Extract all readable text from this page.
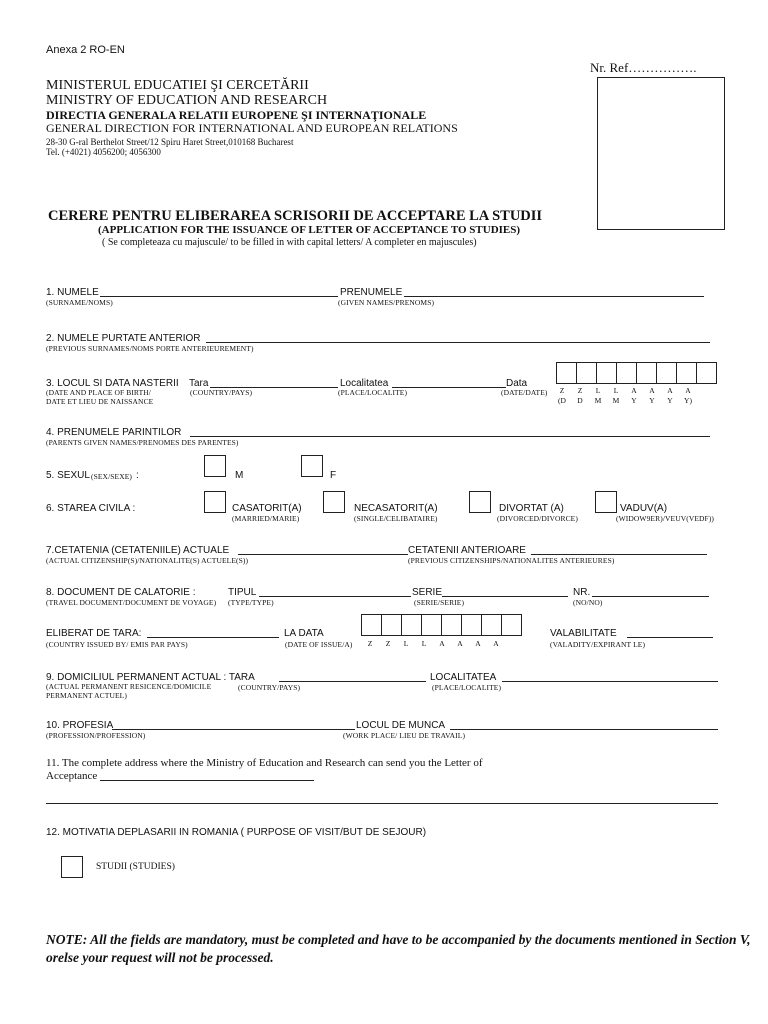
Anexa 2 RO-EN
MINISTERUL EDUCATIEI ŞI CERCETĂRII
MINISTRY OF EDUCATION AND RESEARCH
DIRECTIA GENERALA RELATII EUROPENE ŞI INTERNAŢIONALE
GENERAL DIRECTION FOR INTERNATIONAL AND EUROPEAN RELATIONS
28-30 G-ral Berthelot Street/12 Spiru Haret Street,010168 Bucharest
Tel. (+4021) 4056200; 4056300
Nr. Ref…………….
CERERE PENTRU ELIBERAREA SCRISORII DE ACCEPTARE LA STUDII
(APPLICATION FOR THE ISSUANCE OF LETTER OF ACCEPTANCE TO STUDIES)
( Se completeaza cu majuscule/ to be filled in with capital letters/ A completer en majuscules)
1. NUMELE	PRENUMELE
(SURNAME/NOMS)	(GIVEN NAMES/PRENOMS)
2. NUMELE PURTATE ANTERIOR
(PREVIOUS SURNAMES/NOMS PORTE ANTERIEUREMENT)
3. LOCUL SI DATA NASTERII Tara	Localitatea	Data
(DATE AND PLACE OF BIRTH/
DATE ET LIEU DE NAISSANCE
(COUNTRY/PAYS)	(PLACE/LOCALITE)	(DATE/DATE)	Z	Z	L	L	A	A	A	A
(D	D	M	M	Y	Y	Y	Y)
4. PRENUMELE PARINTILOR
(PARENTS GIVEN NAMES/PRENOMES DES PARENTES)
5. SEXUL (SEX/SEXE) :	M	F
6. STAREA CIVILA :	CASATORIT(A)
(MARRIED/MARIE)
NECASATORIT(A)
(SINGLE/CELIBATAIRE)
DIVORTAT (A)
(DIVORCED/DIVORCE)
VADUV(A)
(WIDOW9ER)/VEUV(VEDF))
7.CETATENIA (CETATENIILE) ACTUALE	CETATENII ANTERIOARE
(ACTUAL CITIZENSHIP(S)/NATIONALITE(S) ACTUELE(S))	(PREVIOUS CITIZENSHIPS/NATIONALITES ANTERIEURES)
8. DOCUMENT DE CALATORIE :	TIPUL	SERIE	NR.
(TRAVEL DOCUMENT/DOCUMENT DE VOYAGE) (TYPE/TYPE)	(SERIE/SERIE)	(NO/NO)
ELIBERAT DE TARA:	LA DATA	VALABILITATE
(COUNTRY ISSUED BY/ EMIS PAR PAYS)	(DATE OF ISSUE/A)	Z	Z	L	L	A	A	A	A	(VALADITY/EXPIRANT LE)
9. DOMICILIUL PERMANENT ACTUAL : TARA	LOCALITATEA
(ACTUAL PERMANENT RESICENCE/DOMICILE
PERMANENT ACTUEL)
(COUNTRY/PAYS)	(PLACE/LOCALITE)
10. PROFESIA	LOCUL DE MUNCA
(PROFESSION/PROFESSION)	(WORK PLACE/ LIEU DE TRAVAIL)
11. The complete address where the Ministry of Education and Research can send you the Letter of
Acceptance
12. MOTIVATIA DEPLASARII IN ROMANIA ( PURPOSE OF VISIT/BUT DE SEJOUR)
STUDII (STUDIES)
NOTE: All the fields are mandatory, must be completed and have to be accompanied by the documents mentioned in Section V, orelse your request will not be processed.
